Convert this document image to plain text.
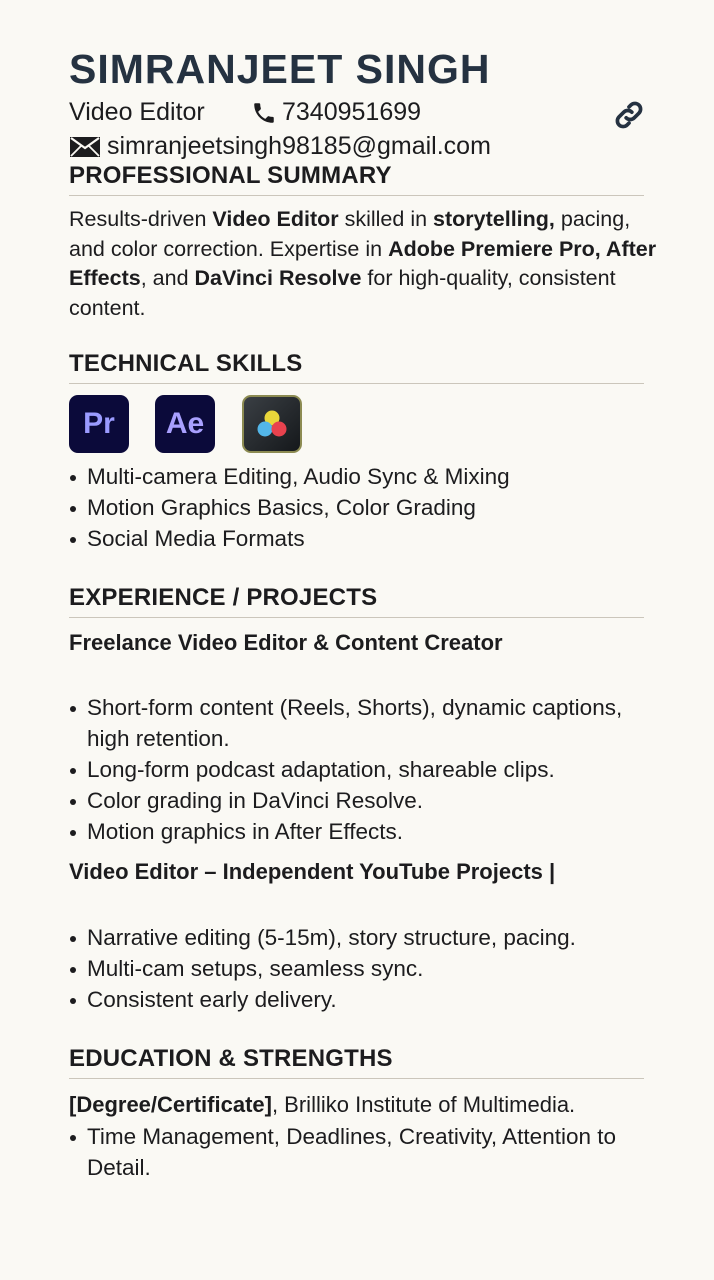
SIMRANJEET SINGH
Video Editor	7340951699
simranjeetsingh98185@gmail.com
PROFESSIONAL SUMMARY
Results-driven Video Editor skilled in storytelling, pacing, and color correction. Expertise in Adobe Premiere Pro, After Effects, and DaVinci Resolve for high-quality, consistent content.
TECHNICAL SKILLS
Pr Ae
Multi-camera Editing, Audio Sync & Mixing
Motion Graphics Basics, Color Grading
Social Media Formats
EXPERIENCE / PROJECTS
Freelance Video Editor & Content Creator
Short-form content (Reels, Shorts), dynamic captions, high retention.
Long-form podcast adaptation, shareable clips.
Color grading in DaVinci Resolve.
Motion graphics in After Effects.
Video Editor – Independent YouTube Projects |
Narrative editing (5-15m), story structure, pacing.
Multi-cam setups, seamless sync.
Consistent early delivery.
EDUCATION & STRENGTHS
[Degree/Certificate], Brilliko Institute of Multimedia.
Time Management, Deadlines, Creativity, Attention to Detail.
